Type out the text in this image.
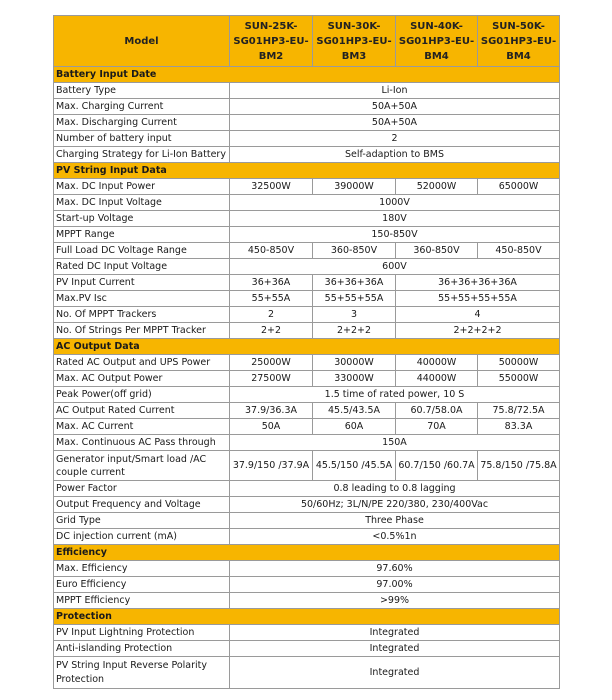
Model	SUN-25K-SG01HP3-EU-BM2	SUN-30K-SG01HP3-EU-BM3	SUN-40K-SG01HP3-EU-BM4	SUN-50K-SG01HP3-EU-BM4
Battery Input Date				
Battery Type	Li-Ion			
Max. Charging Current	50A+50A			
Max. Discharging Current	50A+50A			
Number of battery input	2			
Charging Strategy for Li-Ion Battery	Self-adaption to BMS			
PV String Input Data				
Max. DC Input Power	32500W	39000W	52000W	65000W
Max. DC Input Voltage	1000V			
Start-up Voltage	180V			
MPPT Range	150-850V			
Full Load DC Voltage Range	450-850V	360-850V	360-850V	450-850V
Rated DC Input Voltage	600V			
PV Input Current	36+36A	36+36+36A	36+36+36+36A	
Max.PV Isc	55+55A	55+55+55A	55+55+55+55A	
No. Of MPPT Trackers	2	3	4	
No. Of Strings Per MPPT Tracker	2+2	2+2+2	2+2+2+2	
AC Output Data				
Rated AC Output and UPS Power	25000W	30000W	40000W	50000W
Max. AC Output Power	27500W	33000W	44000W	55000W
Peak Power(off grid)	1.5 time of rated power, 10 S			
AC Output Rated Current	37.9/36.3A	45.5/43.5A	60.7/58.0A	75.8/72.5A
Max. AC Current	50A	60A	70A	83.3A
Max. Continuous AC Pass through	150A			
Generator input/Smart load /AC couple current	37.9/150 /37.9A	45.5/150 /45.5A	60.7/150 /60.7A	75.8/150 /75.8A
Power Factor	0.8 leading to 0.8 lagging			
Output Frequency and Voltage	50/60Hz; 3L/N/PE 220/380, 230/400Vac			
Grid Type	Three Phase			
DC injection current (mA)	<0.5%1n			
Efficiency				
Max. Efficiency	97.60%			
Euro Efficiency	97.00%			
MPPT Efficiency	>99%			
Protection				
PV Input Lightning Protection	Integrated			
Anti-islanding Protection	Integrated			
PV String Input Reverse Polarity Protection	Integrated			
